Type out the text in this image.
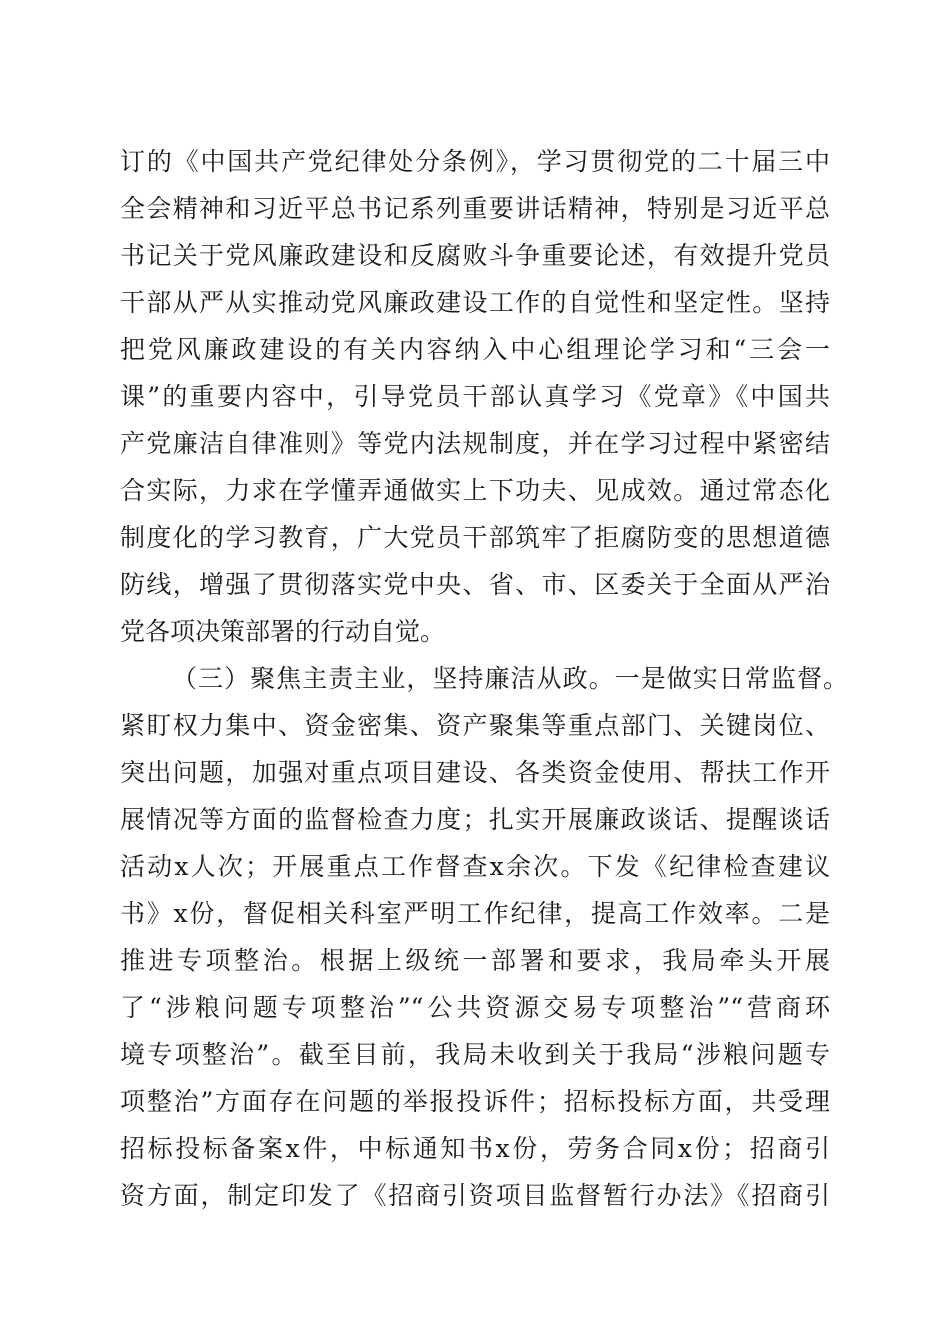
订的《中国共产党纪律处分条例》，学习贯彻党的二十届三中
全会精神和习近平总书记系列重要讲话精神，特别是习近平总
书记关于党风廉政建设和反腐败斗争重要论述，有效提升党员
干部从严从实推动党风廉政建设工作的自觉性和坚定性。坚持
把党风廉政建设的有关内容纳入中心组理论学习和“三会一
课”的重要内容中，引导党员干部认真学习《党章》《中国共
产党廉洁自律准则》等党内法规制度，并在学习过程中紧密结
合实际，力求在学懂弄通做实上下功夫、见成效。通过常态化
制度化的学习教育，广大党员干部筑牢了拒腐防变的思想道德
防线，增强了贯彻落实党中央、省、市、区委关于全面从严治
党各项决策部署的行动自觉。
（三）聚焦主责主业，坚持廉洁从政。一是做实日常监督。
紧盯权力集中、资金密集、资产聚集等重点部门、关键岗位、
突出问题，加强对重点项目建设、各类资金使用、帮扶工作开
展情况等方面的监督检查力度；扎实开展廉政谈话、提醒谈话
活动x人次；开展重点工作督查x余次。下发《纪律检查建议
书》x份，督促相关科室严明工作纪律，提高工作效率。二是
推进专项整治。根据上级统一部署和要求，我局牵头开展
了“涉粮问题专项整治”“公共资源交易专项整治”“营商环
境专项整治”。截至目前，我局未收到关于我局“涉粮问题专
项整治”方面存在问题的举报投诉件；招标投标方面，共受理
招标投标备案x件，中标通知书x份，劳务合同x份；招商引
资方面，制定印发了《招商引资项目监督暂行办法》《招商引
